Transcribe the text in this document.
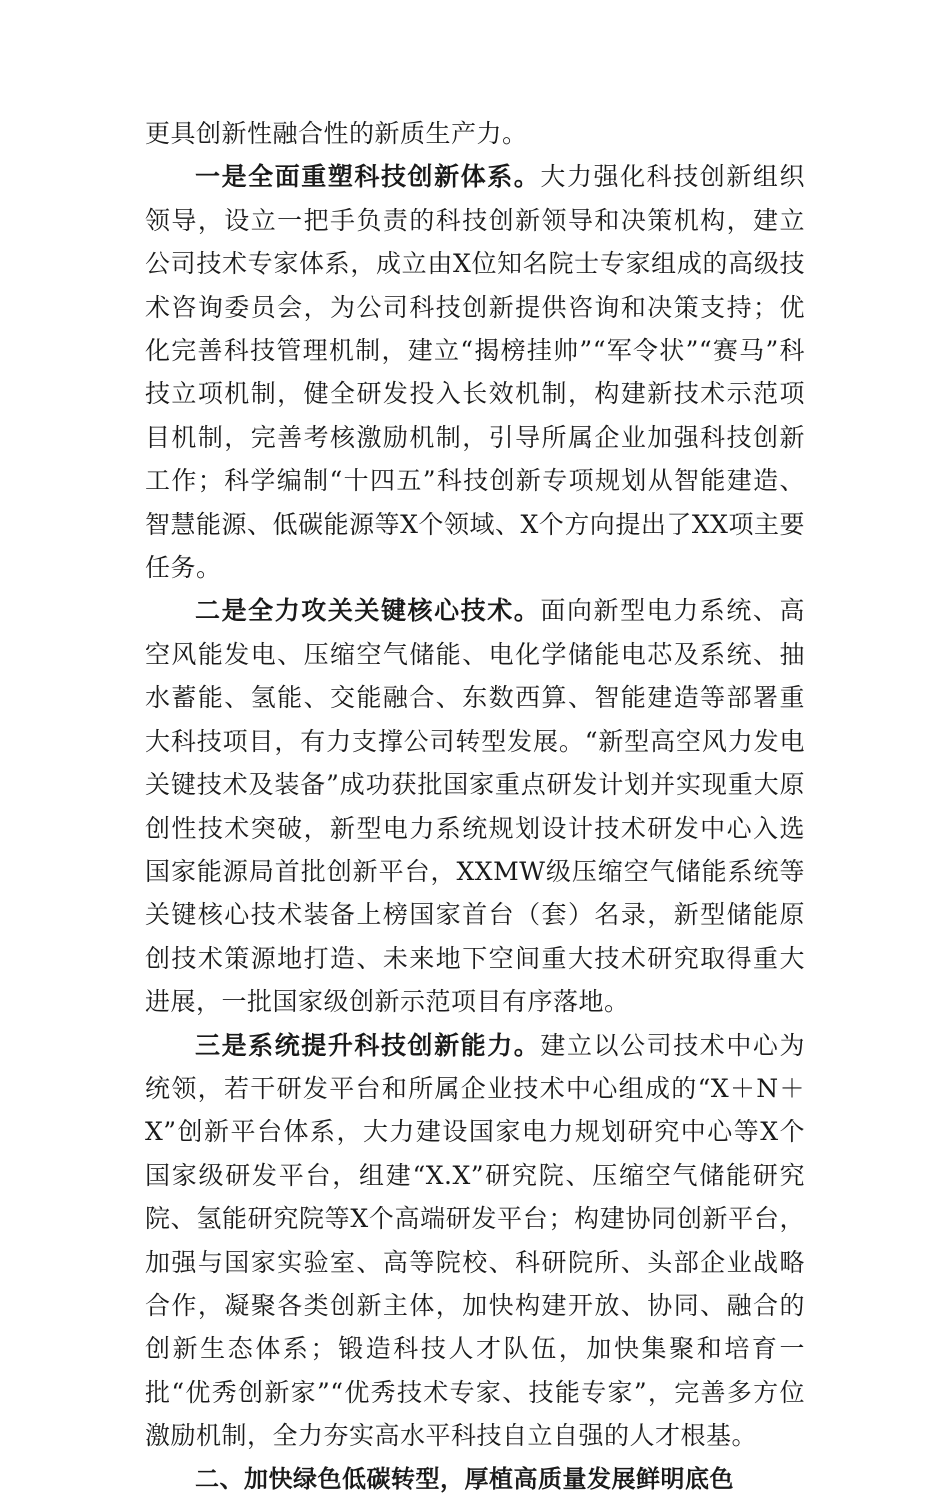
更具创新性融合性的新质生产力。

一是全面重塑科技创新体系。大力强化科技创新组织领导，设立一把手负责的科技创新领导和决策机构，建立公司技术专家体系，成立由X位知名院士专家组成的高级技术咨询委员会，为公司科技创新提供咨询和决策支持；优化完善科技管理机制，建立“揭榜挂帅”“军令状”“赛马”科技立项机制，健全研发投入长效机制，构建新技术示范项目机制，完善考核激励机制，引导所属企业加强科技创新工作；科学编制“十四五”科技创新专项规划从智能建造、智慧能源、低碳能源等X个领域、X个方向提出了XX项主要任务。

二是全力攻关关键核心技术。面向新型电力系统、高空风能发电、压缩空气储能、电化学储能电芯及系统、抽水蓄能、氢能、交能融合、东数西算、智能建造等部署重大科技项目，有力支撑公司转型发展。“新型高空风力发电关键技术及装备”成功获批国家重点研发计划并实现重大原创性技术突破，新型电力系统规划设计技术研发中心入选国家能源局首批创新平台，XXMW级压缩空气储能系统等关键核心技术装备上榜国家首台（套）名录，新型储能原创技术策源地打造、未来地下空间重大技术研究取得重大进展，一批国家级创新示范项目有序落地。

三是系统提升科技创新能力。建立以公司技术中心为统领，若干研发平台和所属企业技术中心组成的“X＋N＋X”创新平台体系，大力建设国家电力规划研究中心等X个国家级研发平台，组建“X.X”研究院、压缩空气储能研究院、氢能研究院等X个高端研发平台；构建协同创新平台，加强与国家实验室、高等院校、科研院所、头部企业战略合作，凝聚各类创新主体，加快构建开放、协同、融合的创新生态体系；锻造科技人才队伍，加快集聚和培育一批“优秀创新家”“优秀技术专家、技能专家”，完善多方位激励机制，全力夯实高水平科技自立自强的人才根基。

二、加快绿色低碳转型，厚植高质量发展鲜明底色
